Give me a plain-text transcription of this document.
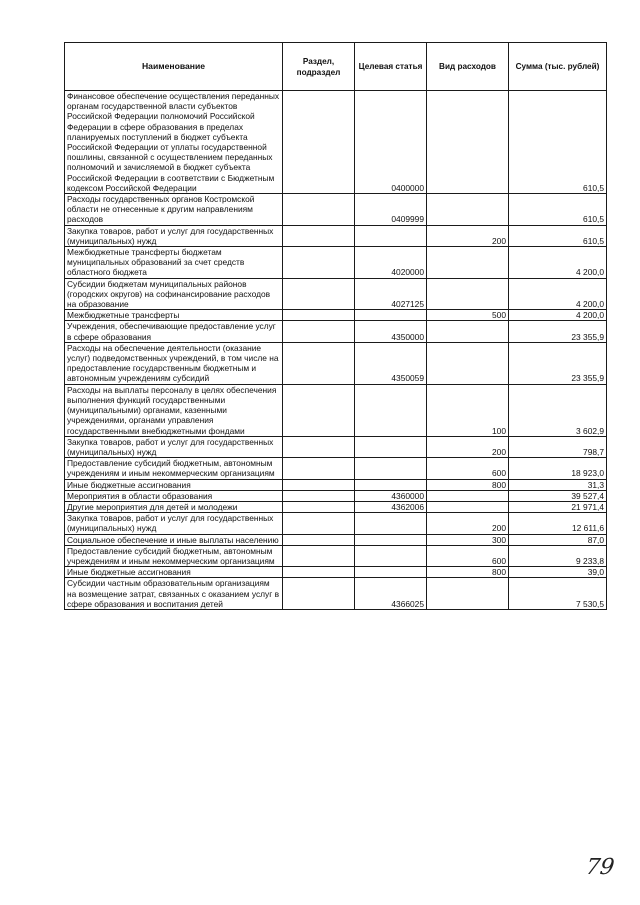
Наименование	Раздел, подраздел	Целевая статья	Вид расходов	Сумма (тыс. рублей)
Финансовое обеспечение осуществления переданных органам государственной власти субъектов Российской Федерации полномочий Российской Федерации в сфере образования в пределах планируемых поступлений в бюджет субъекта Российской Федерации от уплаты государственной пошлины, связанной с осуществлением переданных полномочий и зачисляемой в бюджет субъекта Российской Федерации в соответствии с Бюджетным кодексом Российской Федерации		0400000		610,5
Расходы государственных органов Костромской области не отнесенные к другим направлениям расходов		0409999		610,5
Закупка товаров, работ и услуг для государственных (муниципальных) нужд			200	610,5
Межбюджетные трансферты бюджетам муниципальных образований за счет средств областного бюджета		4020000		4 200,0
Субсидии бюджетам муниципальных районов (городских округов) на софинансирование расходов на образование		4027125		4 200,0
Межбюджетные трансферты			500	4 200,0
Учреждения, обеспечивающие предоставление услуг в сфере образования		4350000		23 355,9
Расходы на обеспечение деятельности (оказание услуг) подведомственных учреждений, в том числе на предоставление государственным бюджетным и автономным учреждениям субсидий		4350059		23 355,9
Расходы на выплаты персоналу в целях обеспечения выполнения функций государственными (муниципальными) органами, казенными учреждениями, органами управления государственными внебюджетными фондами			100	3 602,9
Закупка товаров, работ и услуг для государственных (муниципальных) нужд			200	798,7
Предоставление субсидий бюджетным, автономным учреждениям и иным некоммерческим организациям			600	18 923,0
Иные бюджетные ассигнования			800	31,3
Мероприятия в области образования		4360000		39 527,4
Другие мероприятия для детей и молодежи		4362006		21 971,4
Закупка товаров, работ и услуг для государственных (муниципальных) нужд			200	12 611,6
Социальное обеспечение и иные выплаты населению			300	87,0
Предоставление субсидий бюджетным, автономным учреждениям и иным некоммерческим организациям			600	9 233,8
Иные бюджетные ассигнования			800	39,0
Субсидии частным образовательным организациям на возмещение затрат, связанных с оказанием услуг в сфере образования и воспитания детей		4366025		7 530,5
79
